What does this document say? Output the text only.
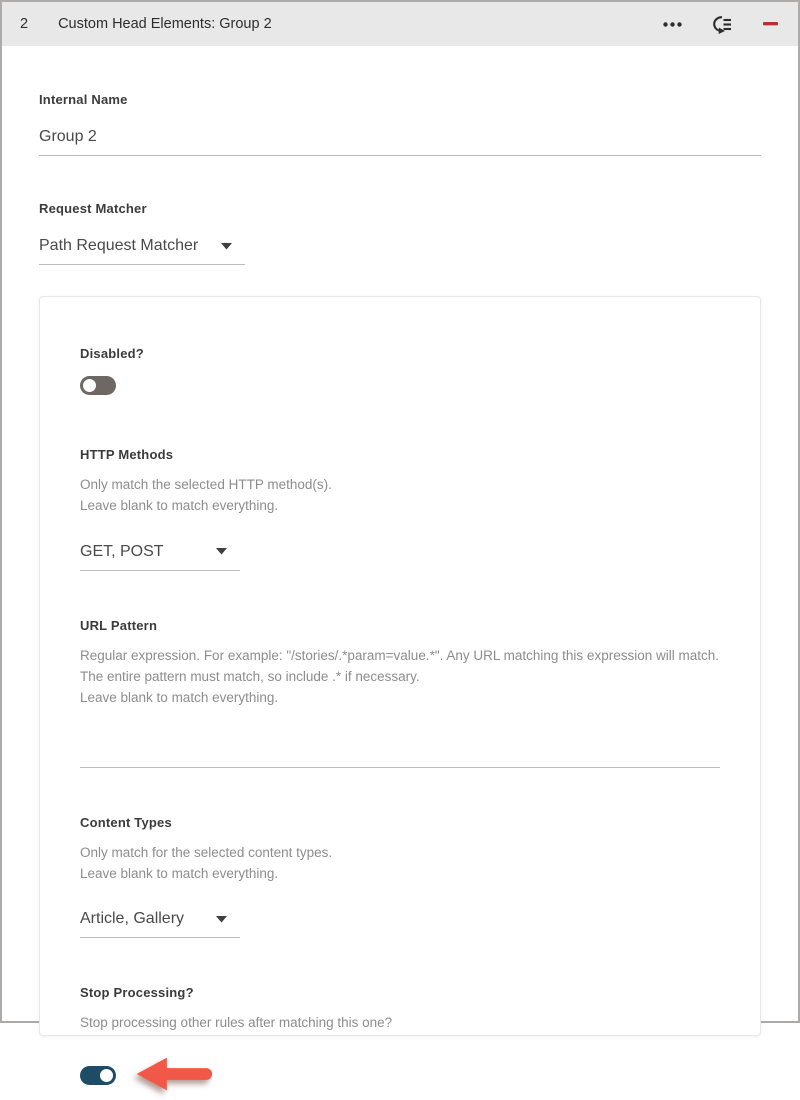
2 Custom Head Elements: Group 2
Internal Name
Group 2
Request Matcher
Path Request Matcher
Disabled?
HTTP Methods
Only match the selected HTTP method(s).
Leave blank to match everything.
GET, POST
URL Pattern
Regular expression. For example: "/stories/.*param=value.*". Any URL matching this expression will match. The entire pattern must match, so include .* if necessary.
Leave blank to match everything.
Content Types
Only match for the selected content types.
Leave blank to match everything.
Article, Gallery
Stop Processing?
Stop processing other rules after matching this one?
